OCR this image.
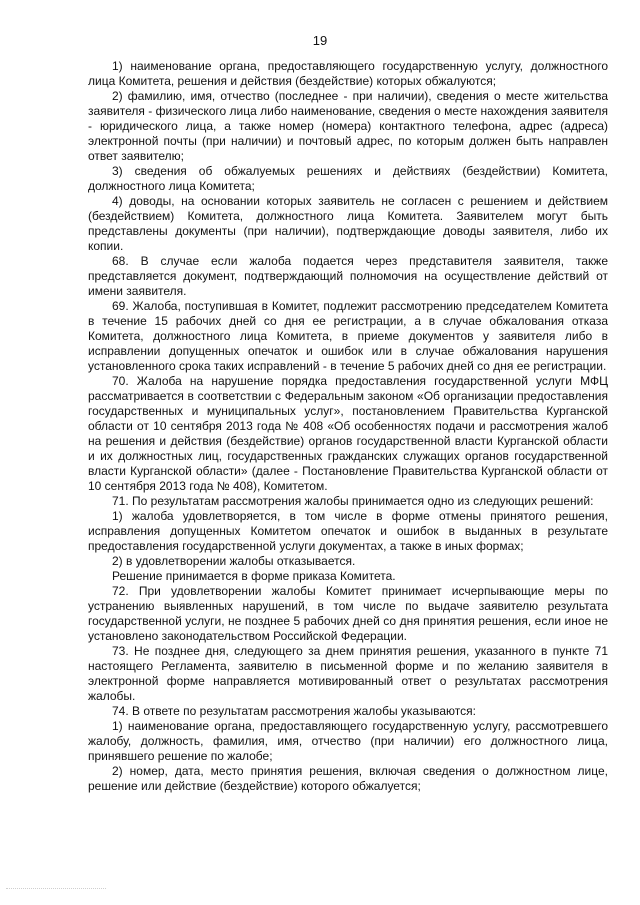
19

1) наименование органа, предоставляющего государственную услугу, должностного лица Комитета, решения и действия (бездействие) которых обжалуются;

2) фамилию, имя, отчество (последнее - при наличии), сведения о месте жительства заявителя - физического лица либо наименование, сведения о месте нахождения заявителя - юридического лица, а также номер (номера) контактного телефона, адрес (адреса) электронной почты (при наличии) и почтовый адрес, по которым должен быть направлен ответ заявителю;

3) сведения об обжалуемых решениях и действиях (бездействии) Комитета, должностного лица Комитета;

4) доводы, на основании которых заявитель не согласен с решением и действием (бездействием) Комитета, должностного лица Комитета. Заявителем могут быть представлены документы (при наличии), подтверждающие доводы заявителя, либо их копии.

68. В случае если жалоба подается через представителя заявителя, также представляется документ, подтверждающий полномочия на осуществление действий от имени заявителя.

69. Жалоба, поступившая в Комитет, подлежит рассмотрению председателем Комитета в течение 15 рабочих дней со дня ее регистрации, а в случае обжалования отказа Комитета, должностного лица Комитета, в приеме документов у заявителя либо в исправлении допущенных опечаток и ошибок или в случае обжалования нарушения установленного срока таких исправлений - в течение 5 рабочих дней со дня ее регистрации.

70. Жалоба на нарушение порядка предоставления государственной услуги МФЦ рассматривается в соответствии с Федеральным законом «Об организации предоставления государственных и муниципальных услуг», постановлением Правительства Курганской области от 10 сентября 2013 года № 408 «Об особенностях подачи и рассмотрения жалоб на решения и действия (бездействие) органов государственной власти Курганской области и их должностных лиц, государственных гражданских служащих органов государственной власти Курганской области» (далее - Постановление Правительства Курганской области от 10 сентября 2013 года № 408), Комитетом.

71. По результатам рассмотрения жалобы принимается одно из следующих решений:

1) жалоба удовлетворяется, в том числе в форме отмены принятого решения, исправления допущенных Комитетом опечаток и ошибок в выданных в результате предоставления государственной услуги документах, а также в иных формах;

2) в удовлетворении жалобы отказывается.

Решение принимается в форме приказа Комитета.

72. При удовлетворении жалобы Комитет принимает исчерпывающие меры по устранению выявленных нарушений, в том числе по выдаче заявителю результата государственной услуги, не позднее 5 рабочих дней со дня принятия решения, если иное не установлено законодательством Российской Федерации.

73. Не позднее дня, следующего за днем принятия решения, указанного в пункте 71 настоящего Регламента, заявителю в письменной форме и по желанию заявителя в электронной форме направляется мотивированный ответ о результатах рассмотрения жалобы.

74. В ответе по результатам рассмотрения жалобы указываются:

1) наименование органа, предоставляющего государственную услугу, рассмотревшего жалобу, должность, фамилия, имя, отчество (при наличии) его должностного лица, принявшего решение по жалобе;

2) номер, дата, место принятия решения, включая сведения о должностном лице, решение или действие (бездействие) которого обжалуется;
